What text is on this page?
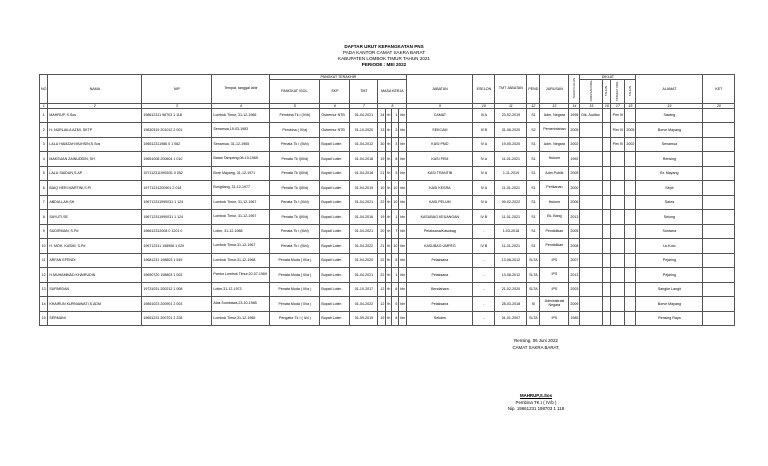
DAFTAR URUT KEPANGKATAN PNS
PADA KANTOR CAMAT SAKRA BARAT
KABUPATEN LOMBOK TIMUR TAHUN 2021
PERIODE : MEI 2022
NO	NAMA	NIP	Tempat, tanggal lahir	PANGKAT TERAKHIR							JABATAN	ESELON	TMT JABATAN	PEND	JURUSAN	TAHUN LULUS	DIKLAT				ALAMAT	KET
				PANGKAT /GOL.	SKP	TMT	MASA KERJA										JURUSAN DIKL	TAHUN	TINGKAT DIKL	TAHUN		
1	2	3	4	5	6	7	8				9	10	11	12	13	14	15	16	17	18	19	20
1	MAHRUP, S.Sos	196612311 98703 1 118	Lombok Timur, 31-12-1966	Pembina Tk I (IV/b)	Gubernur NTB	01-04-2021	24	th	1	bln	CAMAT	III A	23-02-2019	S1	Adm. Negara	1995	Dik. Auditor		Pim IV		Sawing	
2	H. NURLAILA AZMI, SKTP	19830319 201012 2 001	Senamua,19-03-1983	Pembina ( IV/a)	Gubernur NTB	01-10-2020	13	th	3	bln	SEKCAM	III B	31-08-2020	S2	Pemerintahan	2005			Pim IV	2005	Borve Mayang	
3	LALU HAMZAH MUHSIN,S.Sos	196512311986 0 1 062	Senamua, 31-12-1965	Penata Tk I (III/d)	Bupati Lotim	01-04-2012	30	th	3	bln	KASI PMD	IV A	19-05-2020	S1	Adm. Negara	2002			Pim IV	2002	Senamua	
4	MAKSUAN ZAINUDDIN, SH	19651008 200604 1 010	Batan Tampeng,08-10-1965	Penata Tk I(III/d)	Bupati Lotim	01-04-2018	19	th	8	bln	KASI PEM	IV A	11-01-2021	S1	Hukum	1992					Rensing	
5	LALU SAIDUN,S.AP	197112311990031 0 052	Bore Mayang, 31-12-1971	Penata Tk I(III/d)	Bupati Lotim	01-04-2018	21	th	3	bln	KASI TRANTIB	IV A	1-11-2019	S1	Adm.Publik	2005					Br. Mayang	
6	BAIQ HERI MARTINI,S.Pi	19771231200901 2 018	Bungtiang, 31-12-1977	Penata Tk I(III/d)	Bupati Lotim	01-04-2019	10	th	10	bln	KASI KESRA	IV A	11-01-2021	S1	Perikanan	2000					Sepit	
7	ABDULLAH,SH	196712311990031 1 124	Lombok Timur, 31-12-1967	Penata Tk I (III/d)	Bupati Lotim	01-04-2021	22	th	10	bln	KASI PELUM	IV A	09-02-2022	S1	Hukum	2006					Sakra	
8	SAYUTI,SE	196712311990031 1 124	Lombok Timur, 31-12-1967	Penata Tk I(III/d)	Bupati Lotim	01-04-2016	19	th	1	bln	KASUBAG KEUANGAN	IV B	11-01-2021	S1	Ek. Bang	2013					Selong	
9	SUDIRMAN, S.Pd	196612312008 0 1201 0	Lotim, 31-12-1968	Penata Tk I (III/d)	Bupati Lotim	01-04-2021	20	th	7	bln	Pelaksana/Kasubag	-	1-03-2018	S1	Pendidikan	2005					Suntarra	
10	H. MOH. KASIM, S.Pd	196712311 198906 1 020	Lombok Timur,31-12-1967	Penata Tk I (III/d)	Bupati Lotim	01-04-2022	21	th	10	bln	KASUBAG UMPEG	IV B	11-01-2021	S1	Pendidikan	2008					Lb.Koto	
11	ARFAN EFENDI	19681231 198803 1 549	Lombok Timur,31-12-1968	Penata Muda ( III/a )	Bupati Lotim	01-04-2020	22	th	8	bln	Pelaksana	-	13-08-2012	SLTA	IPS	2007					Pejaring	
12	H.MUHAMMAD KHAIRUDIN	19690720 198803 1 003	Pantur Lombok Timur,20-07-1969	Penata Muda ( III/a )	Bupati Lotim	01-04-2021	22	th	1	bln	Pelaksana	-	13-08-2012	SLTA	IPS	2013					Pejaring	
13	SUPARDAN	19731031 200212 1 008	Lotim,31-12-1973	Penata Muda ( III/a )	Bupati Lotim	01-10-2017	12	th	8	bln	Bendahara	-	21-02-2020	SLTA	IPS	2003					Sangke Langit	
14	KHAIRUN KURNIAWATI,S.ADM	19851023 200901 2 003	Alas Sumbawa,23-10-1985	Penata Muda ( III/a )	Bupati Lotim	01-04-2022	12	th	5	bln	Pelaksana	-	28-03-2018	SI	Administrasi Negara	2009					Borve Mayang	
15	SERMANI	19651231 200701 2 228	Lombok Timur,31-12-1965	Pengatur Tk I ( II/d )	Bupati Lotim	01-09-2019	19	th	8	bln	Sekdes	-	01-01-2007	SLTA	IPS	1985					Rensing Raya	
Rensing, 06 Juni 2022
CAMAT SAKRA BARAT,
MAHRUP,S.Sos
Pembina TK.I ( IV/b )
Nip. 19661231 198703 1 118
